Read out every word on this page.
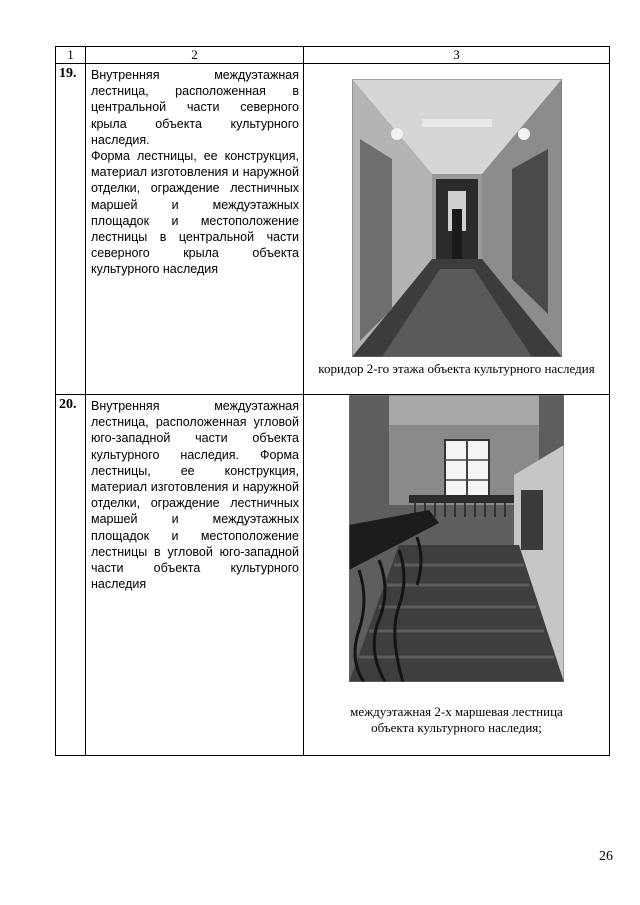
1	2	3
19.	Внутренняя междуэтажная лестница, расположенная в центральной части северного крыла объекта культурного наследия.

Форма лестницы, ее конструкция, материал изготовления и наружной отделки, ограждение лестничных маршей и междуэтажных площадок и местоположение лестницы в центральной части северного крыла объекта культурного наследия	коридор 2-го этажа объекта культурного наследия

20.	Внутренняя междуэтажная лестница, расположенная угловой юго-западной части объекта культурного наследия. Форма лестницы, ее конструкция, материал изготовления и наружной отделки, ограждение лестничных маршей и междуэтажных площадок и местоположение лестницы в угловой юго-западной части объекта культурного наследия	междуэтажная 2-х маршевая лестница объекта культурного наследия;

26
